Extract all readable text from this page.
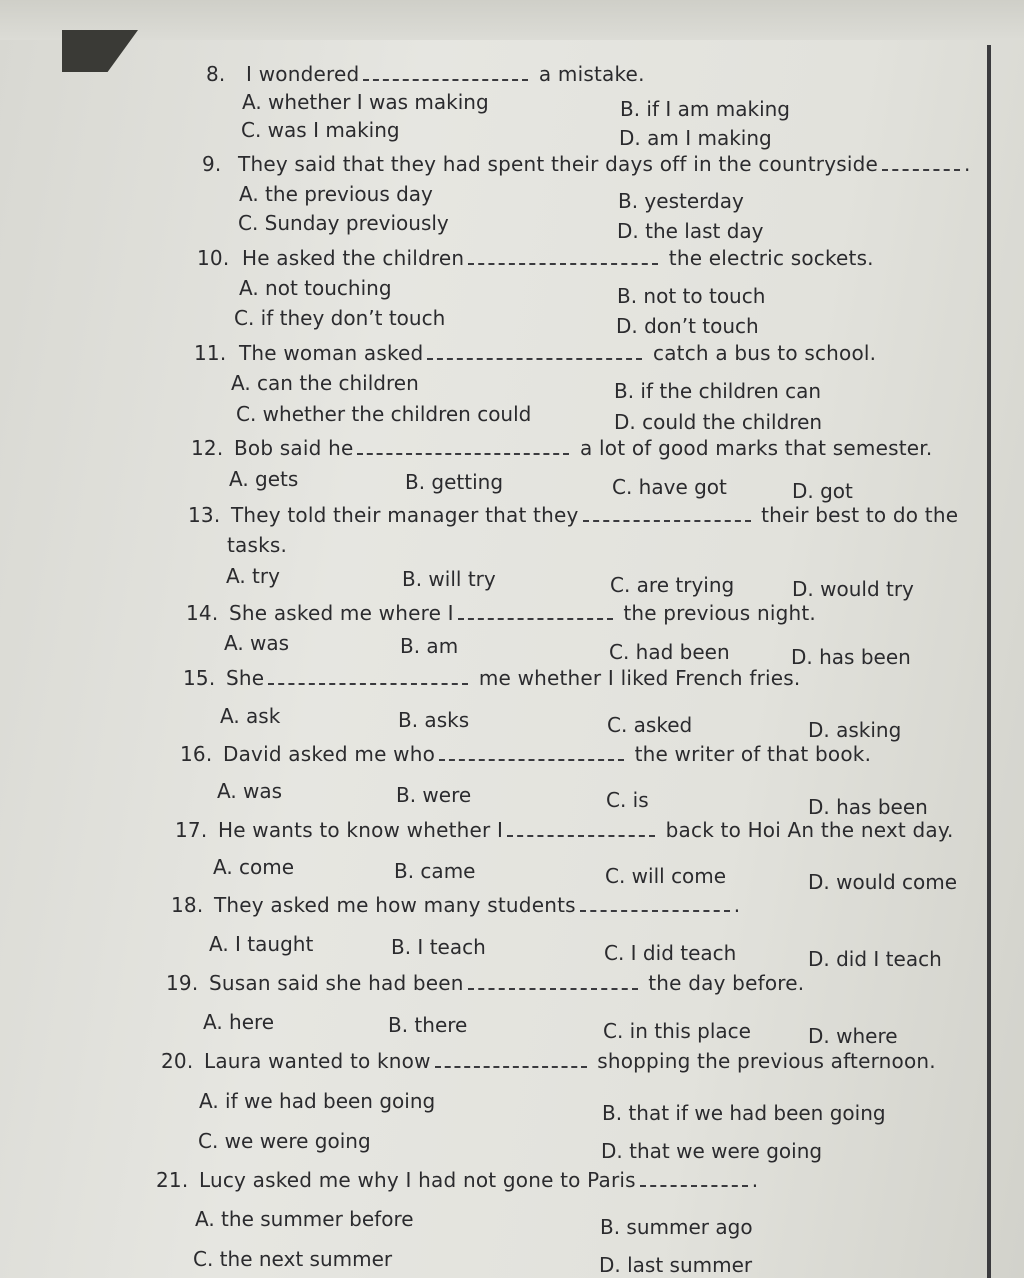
8. I wondered	a mistake.
A. whether I was making	B. if I am making
C. was I making	D. am I making
9. They said that they had spent their days off in the countryside	.
A. the previous day	B. yesterday
C. Sunday previously	D. the last day
10. He asked the children	the electric sockets.
A. not touching	B. not to touch
C. if they don’t touch	D. don’t touch
11. The woman asked	catch a bus to school.
A. can the children	B. if the children can
C. whether the children could	D. could the children
12. Bob said he	a lot of good marks that semester.
A. gets	B. getting	C. have got	D. got
13. They told their manager that they	their best to do the
tasks.
A. try	B. will try	C. are trying	D. would try
14. She asked me where I	the previous night.
A. was	B. am	C. had been	D. has been
15. She	me whether I liked French fries.
A. ask	B. asks	C. asked	D. asking
16. David asked me who	the writer of that book.
A. was	B. were	C. is	D. has been
17. He wants to know whether I	back to Hoi An the next day.
A. come	B. came	C. will come	D. would come
18. They asked me how many students	.
A. I taught	B. I teach	C. I did teach	D. did I teach
19. Susan said she had been	the day before.
A. here	B. there	C. in this place	D. where
20. Laura wanted to know	shopping the previous afternoon.
A. if we had been going	B. that if we had been going
C. we were going	D. that we were going
21. Lucy asked me why I had not gone to Paris	.
A. the summer before	B. summer ago
C. the next summer	D. last summer
